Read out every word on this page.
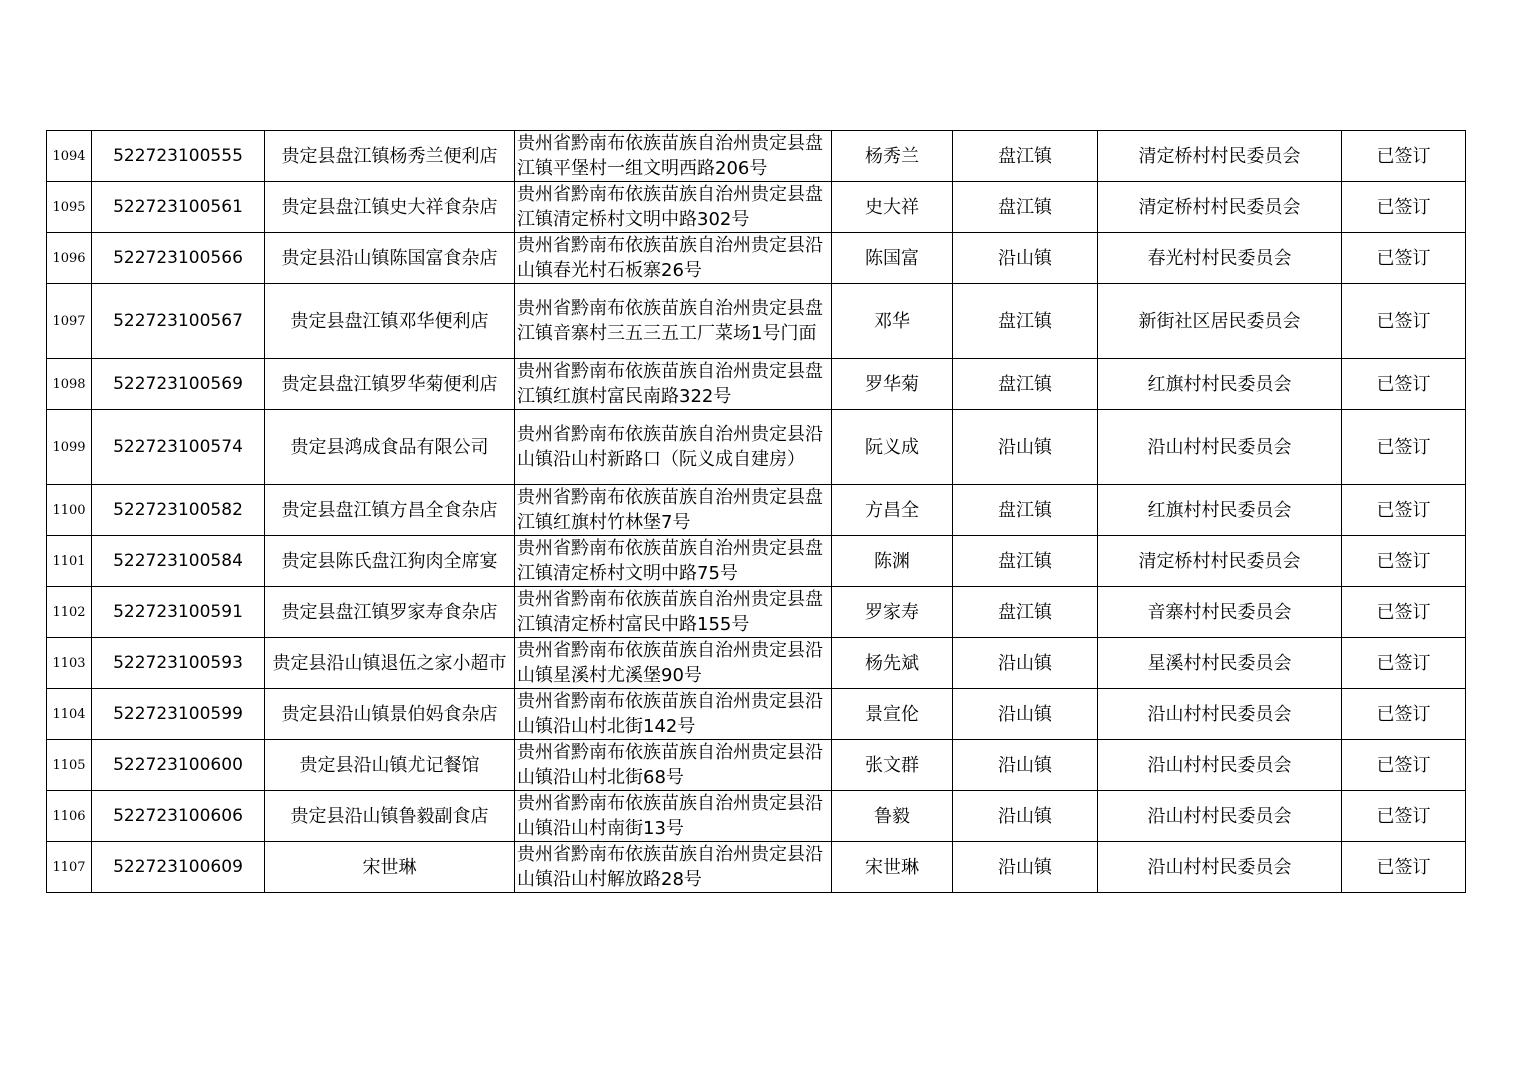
1094	522723100555	贵定县盘江镇杨秀兰便利店	贵州省黔南布依族苗族自治州贵定县盘江镇平堡村一组文明西路206号	杨秀兰	盘江镇	清定桥村村民委员会	已签订
1095	522723100561	贵定县盘江镇史大祥食杂店	贵州省黔南布依族苗族自治州贵定县盘江镇清定桥村文明中路302号	史大祥	盘江镇	清定桥村村民委员会	已签订
1096	522723100566	贵定县沿山镇陈国富食杂店	贵州省黔南布依族苗族自治州贵定县沿山镇春光村石板寨26号	陈国富	沿山镇	春光村村民委员会	已签订
1097	522723100567	贵定县盘江镇邓华便利店	贵州省黔南布依族苗族自治州贵定县盘江镇音寨村三五三五工厂菜场1号门面	邓华	盘江镇	新街社区居民委员会	已签订
1098	522723100569	贵定县盘江镇罗华菊便利店	贵州省黔南布依族苗族自治州贵定县盘江镇红旗村富民南路322号	罗华菊	盘江镇	红旗村村民委员会	已签订
1099	522723100574	贵定县鸿成食品有限公司	贵州省黔南布依族苗族自治州贵定县沿山镇沿山村新路口（阮义成自建房）	阮义成	沿山镇	沿山村村民委员会	已签订
1100	522723100582	贵定县盘江镇方昌全食杂店	贵州省黔南布依族苗族自治州贵定县盘江镇红旗村竹林堡7号	方昌全	盘江镇	红旗村村民委员会	已签订
1101	522723100584	贵定县陈氏盘江狗肉全席宴	贵州省黔南布依族苗族自治州贵定县盘江镇清定桥村文明中路75号	陈渊	盘江镇	清定桥村村民委员会	已签订
1102	522723100591	贵定县盘江镇罗家寿食杂店	贵州省黔南布依族苗族自治州贵定县盘江镇清定桥村富民中路155号	罗家寿	盘江镇	音寨村村民委员会	已签订
1103	522723100593	贵定县沿山镇退伍之家小超市	贵州省黔南布依族苗族自治州贵定县沿山镇星溪村尤溪堡90号	杨先斌	沿山镇	星溪村村民委员会	已签订
1104	522723100599	贵定县沿山镇景伯妈食杂店	贵州省黔南布依族苗族自治州贵定县沿山镇沿山村北街142号	景宣伦	沿山镇	沿山村村民委员会	已签订
1105	522723100600	贵定县沿山镇尤记餐馆	贵州省黔南布依族苗族自治州贵定县沿山镇沿山村北街68号	张文群	沿山镇	沿山村村民委员会	已签订
1106	522723100606	贵定县沿山镇鲁毅副食店	贵州省黔南布依族苗族自治州贵定县沿山镇沿山村南街13号	鲁毅	沿山镇	沿山村村民委员会	已签订
1107	522723100609	宋世琳	贵州省黔南布依族苗族自治州贵定县沿山镇沿山村解放路28号	宋世琳	沿山镇	沿山村村民委员会	已签订
